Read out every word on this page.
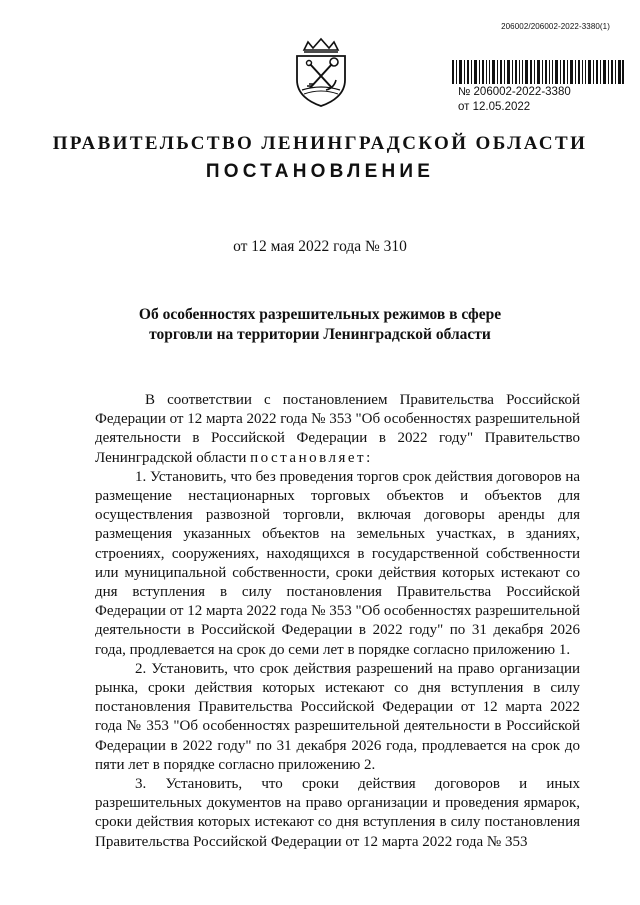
206002/206002-2022-3380(1)
№ 206002-2022-3380
от 12.05.2022
ПРАВИТЕЛЬСТВО ЛЕНИНГРАДСКОЙ ОБЛАСТИ
ПОСТАНОВЛЕНИЕ
от 12 мая 2022 года № 310
Об особенностях разрешительных режимов в сфере торговли на территории Ленинградской области

В соответствии с постановлением Правительства Российской Федерации от 12 марта 2022 года № 353 "Об особенностях разрешительной деятельности в Российской Федерации в 2022 году" Правительство Ленинградской области постановляет:

1. Установить, что без проведения торгов срок действия договоров на размещение нестационарных торговых объектов и объектов для осуществления развозной торговли, включая договоры аренды для размещения указанных объектов на земельных участках, в зданиях, строениях, сооружениях, находящихся в государственной собственности или муниципальной собственности, сроки действия которых истекают со дня вступления в силу постановления Правительства Российской Федерации от 12 марта 2022 года № 353 "Об особенностях разрешительной деятельности в Российской Федерации в 2022 году" по 31 декабря 2026 года, продлевается на срок до семи лет в порядке согласно приложению 1.

2. Установить, что срок действия разрешений на право организации рынка, сроки действия которых истекают со дня вступления в силу постановления Правительства Российской Федерации от 12 марта 2022 года № 353 "Об особенностях разрешительной деятельности в Российской Федерации в 2022 году" по 31 декабря 2026 года, продлевается на срок до пяти лет в порядке согласно приложению 2.

3. Установить, что сроки действия договоров и иных разрешительных документов на право организации и проведения ярмарок, сроки действия которых истекают со дня вступления в силу постановления Правительства Российской Федерации от 12 марта 2022 года № 353
